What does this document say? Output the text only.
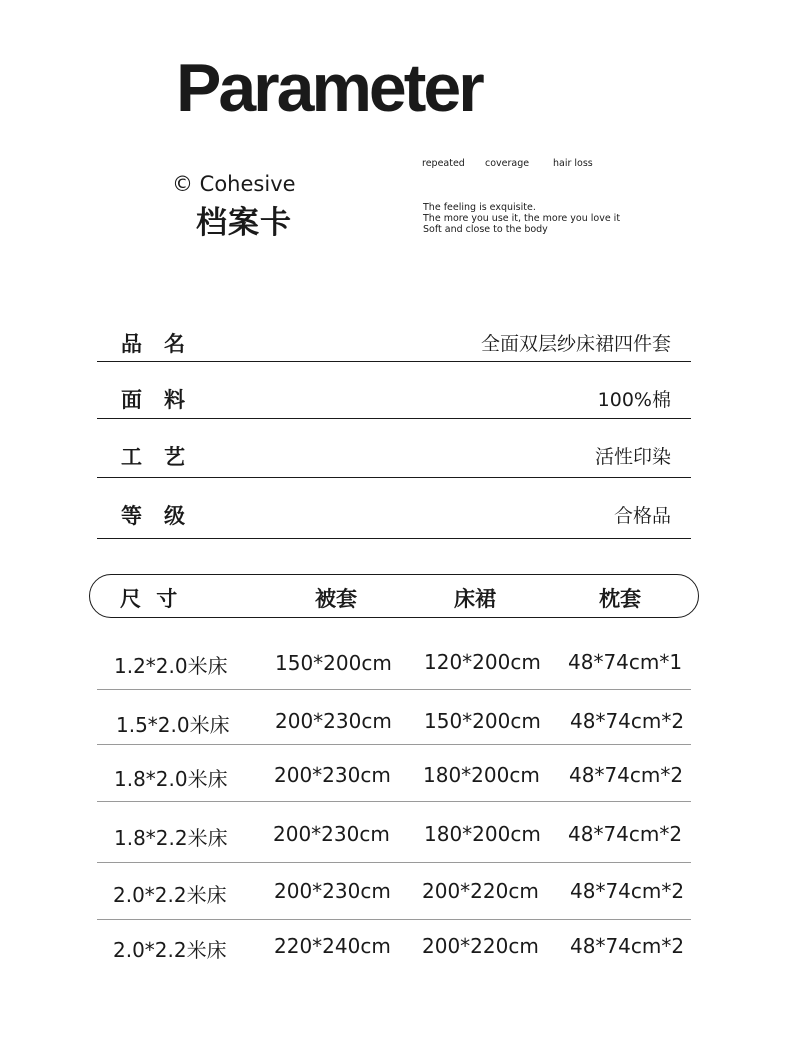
Parameter
© Cohesive
档案卡
repeated coverage	hair loss
The feeling is exquisite.
The more you use it, the more you love it
Soft and close to the body
品名	全面双层纱床裙四件套
面料	100%棉
工艺	活性印染
等级	合格品
尺 寸	被套	床裙	枕套
1.2*2.0米床 150*200cm 120*200cm 48*74cm*1
1.5*2.0米床 200*230cm 150*200cm 48*74cm*2
1.8*2.0米床 200*230cm 180*200cm 48*74cm*2
1.8*2.2米床 200*230cm 180*200cm 48*74cm*2
2.0*2.2米床 200*230cm 200*220cm 48*74cm*2
2.0*2.2米床 220*240cm 200*220cm 48*74cm*2
